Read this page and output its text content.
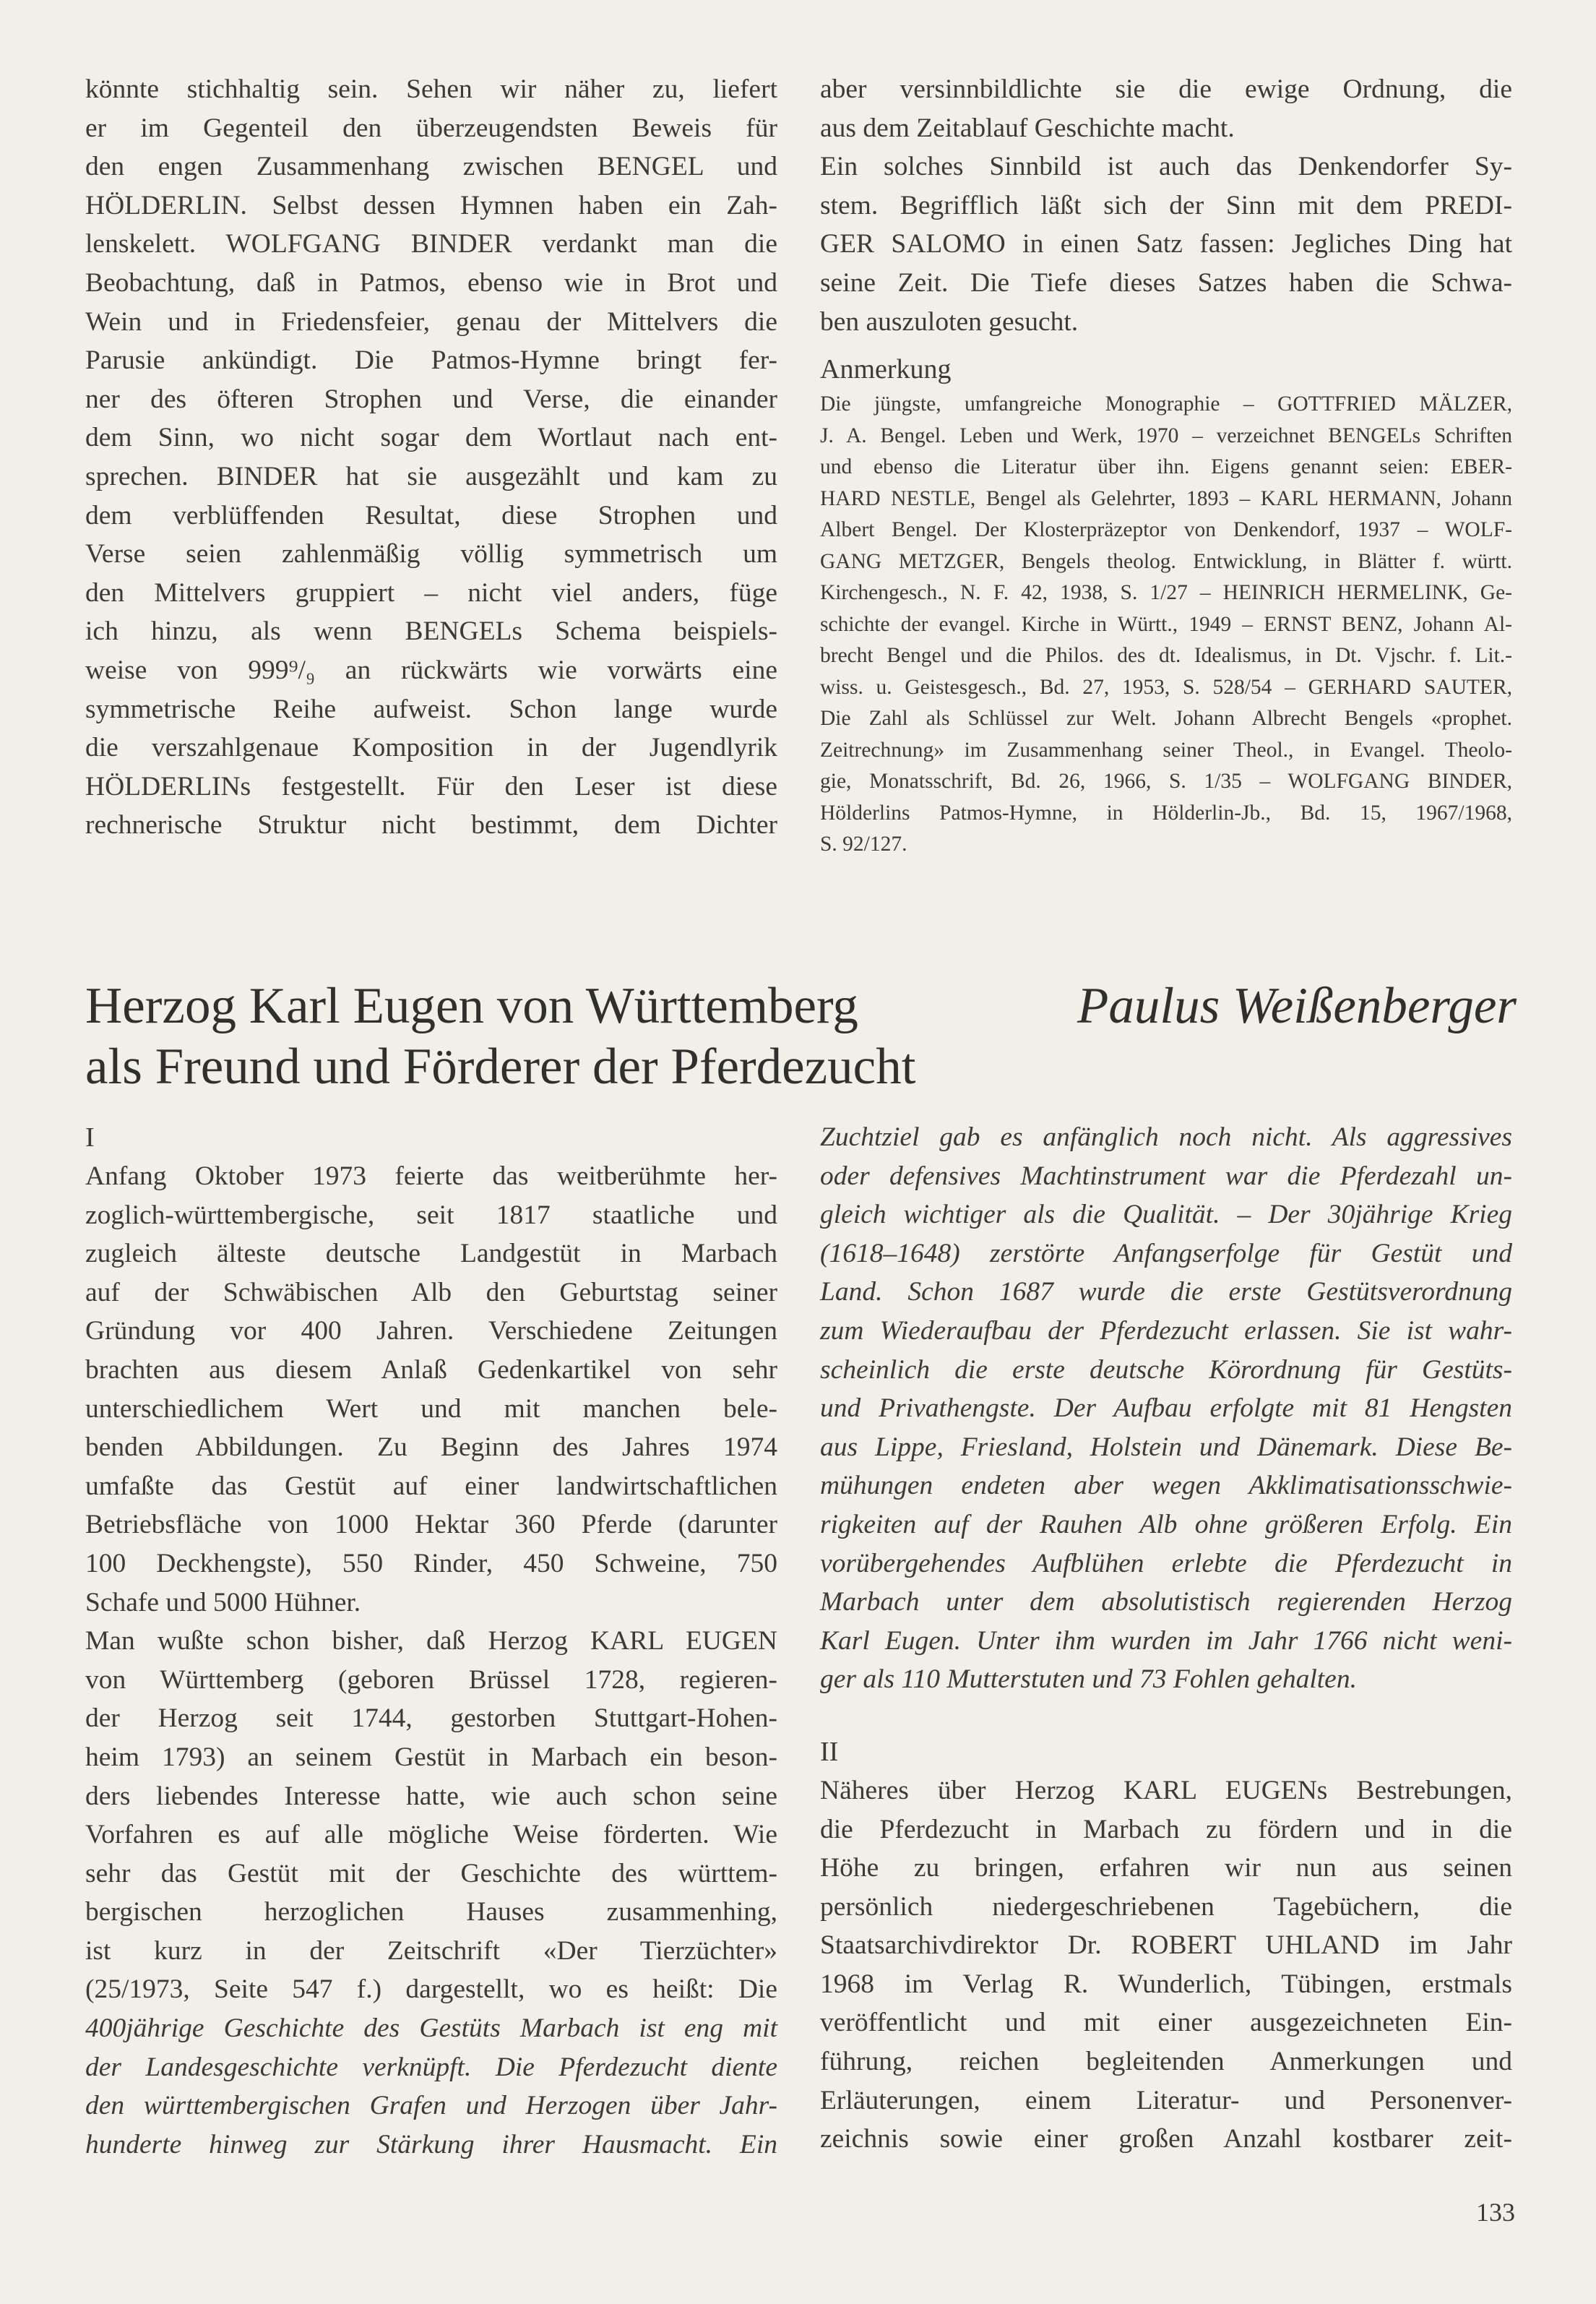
könnte stichhaltig sein. Sehen wir näher zu, liefert
er im Gegenteil den überzeugendsten Beweis für
den engen Zusammenhang zwischen BENGEL und
HÖLDERLIN. Selbst dessen Hymnen haben ein Zah-
lenskelett. WOLFGANG BINDER verdankt man die
Beobachtung, daß in Patmos, ebenso wie in Brot und
Wein und in Friedensfeier, genau der Mittelvers die
Parusie ankündigt. Die Patmos-Hymne bringt fer-
ner des öfteren Strophen und Verse, die einander
dem Sinn, wo nicht sogar dem Wortlaut nach ent-
sprechen. BINDER hat sie ausgezählt und kam zu
dem verblüffenden Resultat, diese Strophen und
Verse seien zahlenmäßig völlig symmetrisch um
den Mittelvers gruppiert – nicht viel anders, füge
ich hinzu, als wenn BENGELs Schema beispiels-
weise von 999⁹/₉ an rückwärts wie vorwärts eine
symmetrische Reihe aufweist. Schon lange wurde
die verszahlgenaue Komposition in der Jugendlyrik
HÖLDERLINs festgestellt. Für den Leser ist diese
rechnerische Struktur nicht bestimmt, dem Dichter

aber versinnbildlichte sie die ewige Ordnung, die
aus dem Zeitablauf Geschichte macht.
Ein solches Sinnbild ist auch das Denkendorfer Sy-
stem. Begrifflich läßt sich der Sinn mit dem PREDI-
GER SALOMO in einen Satz fassen: Jegliches Ding hat
seine Zeit. Die Tiefe dieses Satzes haben die Schwa-
ben auszuloten gesucht.

Anmerkung

Die jüngste, umfangreiche Monographie – GOTTFRIED MÄLZER,
J. A. Bengel. Leben und Werk, 1970 – verzeichnet BENGELs Schriften
und ebenso die Literatur über ihn. Eigens genannt seien: EBER-
HARD NESTLE, Bengel als Gelehrter, 1893 – KARL HERMANN, Johann
Albert Bengel. Der Klosterpräzeptor von Denkendorf, 1937 – WOLF-
GANG METZGER, Bengels theolog. Entwicklung, in Blätter f. württ.
Kirchengesch., N. F. 42, 1938, S. 1/27 – HEINRICH HERMELINK, Ge-
schichte der evangel. Kirche in Württ., 1949 – ERNST BENZ, Johann Al-
brecht Bengel und die Philos. des dt. Idealismus, in Dt. Vjschr. f. Lit.-
wiss. u. Geistesgesch., Bd. 27, 1953, S. 528/54 – GERHARD SAUTER,
Die Zahl als Schlüssel zur Welt. Johann Albrecht Bengels «prophet.
Zeitrechnung» im Zusammenhang seiner Theol., in Evangel. Theolo-
gie, Monatsschrift, Bd. 26, 1966, S. 1/35 – WOLFGANG BINDER,
Hölderlins Patmos-Hymne, in Hölderlin-Jb., Bd. 15, 1967/1968,
S. 92/127.

Herzog Karl Eugen von Württemberg
als Freund und Förderer der Pferdezucht
Paulus Weißenberger

I

Anfang Oktober 1973 feierte das weitberühmte her-
zoglich-württembergische, seit 1817 staatliche und
zugleich älteste deutsche Landgestüt in Marbach
auf der Schwäbischen Alb den Geburtstag seiner
Gründung vor 400 Jahren. Verschiedene Zeitungen
brachten aus diesem Anlaß Gedenkartikel von sehr
unterschiedlichem Wert und mit manchen bele-
benden Abbildungen. Zu Beginn des Jahres 1974
umfaßte das Gestüt auf einer landwirtschaftlichen
Betriebsfläche von 1000 Hektar 360 Pferde (darunter
100 Deckhengste), 550 Rinder, 450 Schweine, 750
Schafe und 5000 Hühner.
Man wußte schon bisher, daß Herzog KARL EUGEN
von Württemberg (geboren Brüssel 1728, regieren-
der Herzog seit 1744, gestorben Stuttgart-Hohen-
heim 1793) an seinem Gestüt in Marbach ein beson-
ders liebendes Interesse hatte, wie auch schon seine
Vorfahren es auf alle mögliche Weise förderten. Wie
sehr das Gestüt mit der Geschichte des württem-
bergischen herzoglichen Hauses zusammenhing,
ist kurz in der Zeitschrift «Der Tierzüchter»
(25/1973, Seite 547 f.) dargestellt, wo es heißt: Die
400jährige Geschichte des Gestüts Marbach ist eng mit
der Landesgeschichte verknüpft. Die Pferdezucht diente
den württembergischen Grafen und Herzogen über Jahr-
hunderte hinweg zur Stärkung ihrer Hausmacht. Ein

Zuchtziel gab es anfänglich noch nicht. Als aggressives
oder defensives Machtinstrument war die Pferdezahl un-
gleich wichtiger als die Qualität. – Der 30jährige Krieg
(1618–1648) zerstörte Anfangserfolge für Gestüt und
Land. Schon 1687 wurde die erste Gestütsverordnung
zum Wiederaufbau der Pferdezucht erlassen. Sie ist wahr-
scheinlich die erste deutsche Körordnung für Gestüts-
und Privathengste. Der Aufbau erfolgte mit 81 Hengsten
aus Lippe, Friesland, Holstein und Dänemark. Diese Be-
mühungen endeten aber wegen Akklimatisationsschwie-
rigkeiten auf der Rauhen Alb ohne größeren Erfolg. Ein
vorübergehendes Aufblühen erlebte die Pferdezucht in
Marbach unter dem absolutistisch regierenden Herzog
Karl Eugen. Unter ihm wurden im Jahr 1766 nicht weni-
ger als 110 Mutterstuten und 73 Fohlen gehalten.

II

Näheres über Herzog KARL EUGENs Bestrebungen,
die Pferdezucht in Marbach zu fördern und in die
Höhe zu bringen, erfahren wir nun aus seinen
persönlich niedergeschriebenen Tagebüchern, die
Staatsarchivdirektor Dr. ROBERT UHLAND im Jahr
1968 im Verlag R. Wunderlich, Tübingen, erstmals
veröffentlicht und mit einer ausgezeichneten Ein-
führung, reichen begleitenden Anmerkungen und
Erläuterungen, einem Literatur- und Personenver-
zeichnis sowie einer großen Anzahl kostbarer zeit-

133
